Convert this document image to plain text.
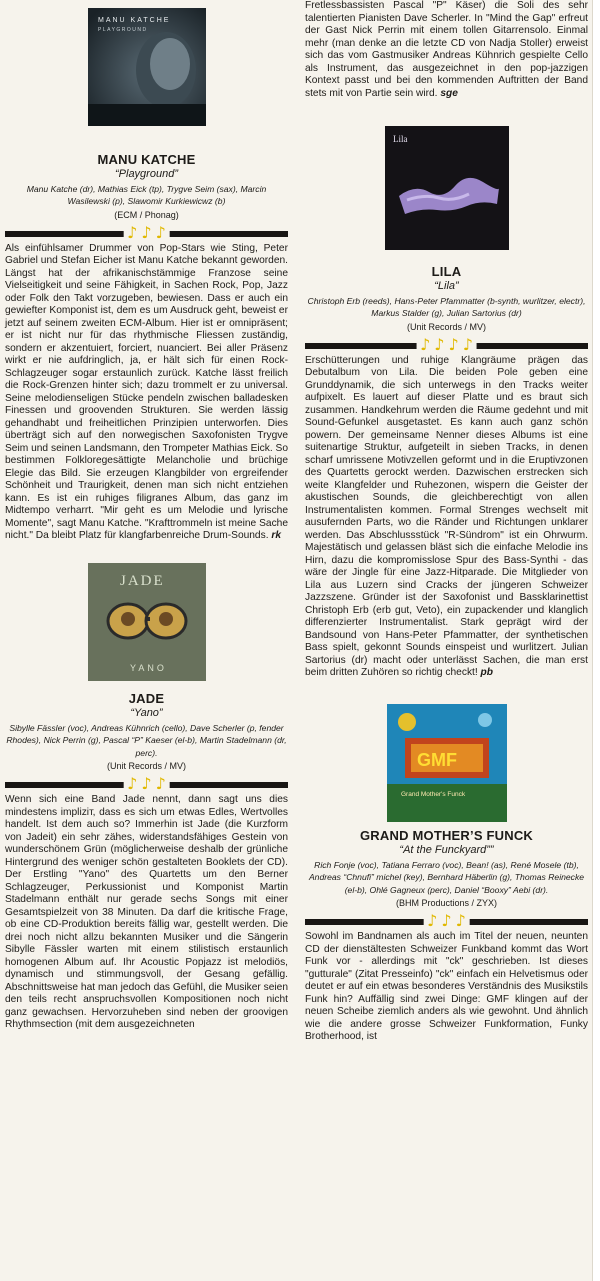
MANU KATCHE
PLAYGROUND
MANU KATCHE
“Playground”
Manu Katche (dr), Mathias Eick (tp), Trygve Seim (sax), Marcin Wasilewski (p), Slawomir Kurkiewicwz (b)
(ECM / Phonag)
♪ ♪ ♪

Als einfühlsamer Drummer von Pop-Stars wie Sting, Peter Gabriel und Stefan Eicher ist Manu Katche bekannt geworden. Längst hat der afrikanischstämmige Franzose seine Vielseitigkeit und seine Fähigkeit, in Sachen Rock, Pop, Jazz oder Folk den Takt vorzugeben, bewiesen. Dass er auch ein gewiefter Komponist ist, dem es um Ausdruck geht, beweist er jetzt auf seinem zweiten ECM-Album. Hier ist er omnipräsent; er ist nicht nur für das rhythmische Fliessen zuständig, sondern er akzentuiert, forciert, nuanciert. Bei aller Präsenz wirkt er nie aufdringlich, ja, er hält sich für einen Rock-Schlagzeuger sogar erstaunlich zurück. Katche lässt freilich die Rock-Grenzen hinter sich; dazu trommelt er zu universal. Seine melodienseligen Stücke pendeln zwischen balladesken Finessen und groovenden Strukturen. Sie werden lässig gehandhabt und freiheitlichen Prinzipien unterworfen. Dies überträgt sich auf den norwegischen Saxofonisten Trygve Seim und seinen Landsmann, den Trompeter Mathias Eick. So bestimmen Folkloregesättigte Melancholie und brüchige Elegie das Bild. Sie erzeugen Klangbilder von ergreifender Schönheit und Traurigkeit, denen man sich nicht entziehen kann. Es ist ein ruhiges filigranes Album, das ganz im Midtempo verharrt. "Mir geht es um Melodie und lyrische Momente", sagt Manu Katche. "Krafttrommeln ist meine Sache nicht." Da bleibt Platz für klangfarbenreiche Drum-Sounds. rk

JADE
YANO
JADE
“Yano”
Sibylle Fässler (voc), Andreas Kühnrich (cello), Dave Scherler (p, fender Rhodes), Nick Perrin (g), Pascal “P” Kaeser (el-b), Martin Stadelmann (dr, perc).
(Unit Records / MV)
♪ ♪ ♪

Wenn sich eine Band Jade nennt, dann sagt uns dies mindestens impliziт, dass es sich um etwas Edles, Wertvolles handelt. Ist dem auch so? Immerhin ist Jade (die Kurzform von Jadeit) ein sehr zähes, widerstandsfähiges Gestein von wunderschönem Grün (möglicherweise deshalb der grünliche Hintergrund des weniger schön gestalteten Booklets der CD). Der Erstling "Yano" des Quartetts um den Berner Schlagzeuger, Perkussionist und Komponist Martin Stadelmann enthält nur gerade sechs Songs mit einer Gesamtspielzeit von 38 Minuten. Da darf die kritische Frage, ob eine CD-Produktion bereits fällig war, gestellt werden. Die drei noch nicht allzu bekannten Musiker und die Sängerin Sibylle Fässler warten mit einem stilistisch erstaunlich homogenen Album auf. Ihr Acoustic Popjazz ist melodiös, dynamisch und stimmungsvoll, der Gesang gefällig. Abschnittsweise hat man jedoch das Gefühl, die Musiker seien den teils recht anspruchsvollen Kompositionen noch nicht ganz gewachsen. Hervorzuheben sind neben der groovigen Rhythmsection (mit dem ausgezeichneten

Fretlessbassisten Pascal "P" Käser) die Soli des sehr talentierten Pianisten Dave Scherler. In "Mind the Gap" erfreut der Gast Nick Perrin mit einem tollen Gitarrensolo. Einmal mehr (man denke an die letzte CD von Nadja Stoller) erweist sich das vom Gastmusiker Andreas Kühnrich gespielte Cello als Instrument, das ausgezeichnet in den pop-jazzigen Kontext passt und bei den kommenden Auftritten der Band stets mit von Partie sein wird. sge

Lila
LILA
“Lila”
Christoph Erb (reeds), Hans-Peter Pfammatter (b-synth, wurlitzer, electr), Markus Stalder (g), Julian Sartorius (dr)
(Unit Records / MV)
♪ ♪ ♪ ♪

Erschütterungen und ruhige Klangräume prägen das Debutalbum von Lila. Die beiden Pole geben eine Grunddynamik, die sich unterwegs in den Tracks weiter aufpixelt. Es lauert auf dieser Platte und es braut sich zusammen. Handkehrum werden die Räume gedehnt und mit Sound-Gefunkel ausgetastet. Es kann auch ganz schön powern. Der gemeinsame Nenner dieses Albums ist eine suitenartige Struktur, aufgeteilt in sieben Tracks, in denen scharf umrissene Motivzellen geformt und in die Eruptivzonen des Quartetts gerockt werden. Dazwischen erstrecken sich weite Klangfelder und Ruhezonen, wispern die Geister der akustischen Sounds, die gleichberechtigt von allen Instrumentalisten kommen. Formal Strenges wechselt mit ausufernden Parts, wo die Ränder und Richtungen unklarer werden. Das Abschlussstück "R-Sündrom" ist ein Ohrwurm. Majestätisch und gelassen bläst sich die einfache Melodie ins Hirn, dazu die kompromisslose Spur des Bass-Synthi - das wäre der Jingle für eine Jazz-Hitparade. Die Mitglieder von Lila aus Luzern sind Cracks der jüngeren Schweizer Jazzszene. Gründer ist der Saxofonist und Bassklarinettist Christoph Erb (erb gut, Veto), ein zupackender und klanglich differenzierter Instrumentalist. Stark geprägt wird der Bandsound von Hans-Peter Pfammatter, der synthetischen Bass spielt, gekonnt Sounds einspeist und wurlitzert. Julian Sartorius (dr) macht oder unterlässt Sachen, die man erst beim dritten Zuhören so richtig checkt! pb

GMF
Grand Mother's Funck
GRAND MOTHER’S FUNCK
“At the Funckyard””
Rich Fonje (voc), Tatiana Ferraro (voc), Bean! (as), René Mosele (tb), Andreas “Chnufi” michel (key), Bernhard Häberlin (g), Thomas Reinecke (el-b), Ohlé Gagneux (perc), Daniel “Booxy” Aebi (dr).
(BHM Productions / ZYX)
♪ ♪ ♪

Sowohl im Bandnamen als auch im Titel der neuen, neunten CD der dienstältesten Schweizer Funkband kommt das Wort Funk vor - allerdings mit "ck" geschrieben. Ist dieses "gutturale" (Zitat Presseinfo) "ck" einfach ein Helvetismus oder deutet er auf ein etwas besonderes Verständnis des Musikstils Funk hin? Auffällig sind zwei Dinge: GMF klingen auf der neuen Scheibe ziemlich anders als wie gewohnt. Und ähnlich wie die andere grosse Schweizer Funkformation, Funky Brotherhood, ist
